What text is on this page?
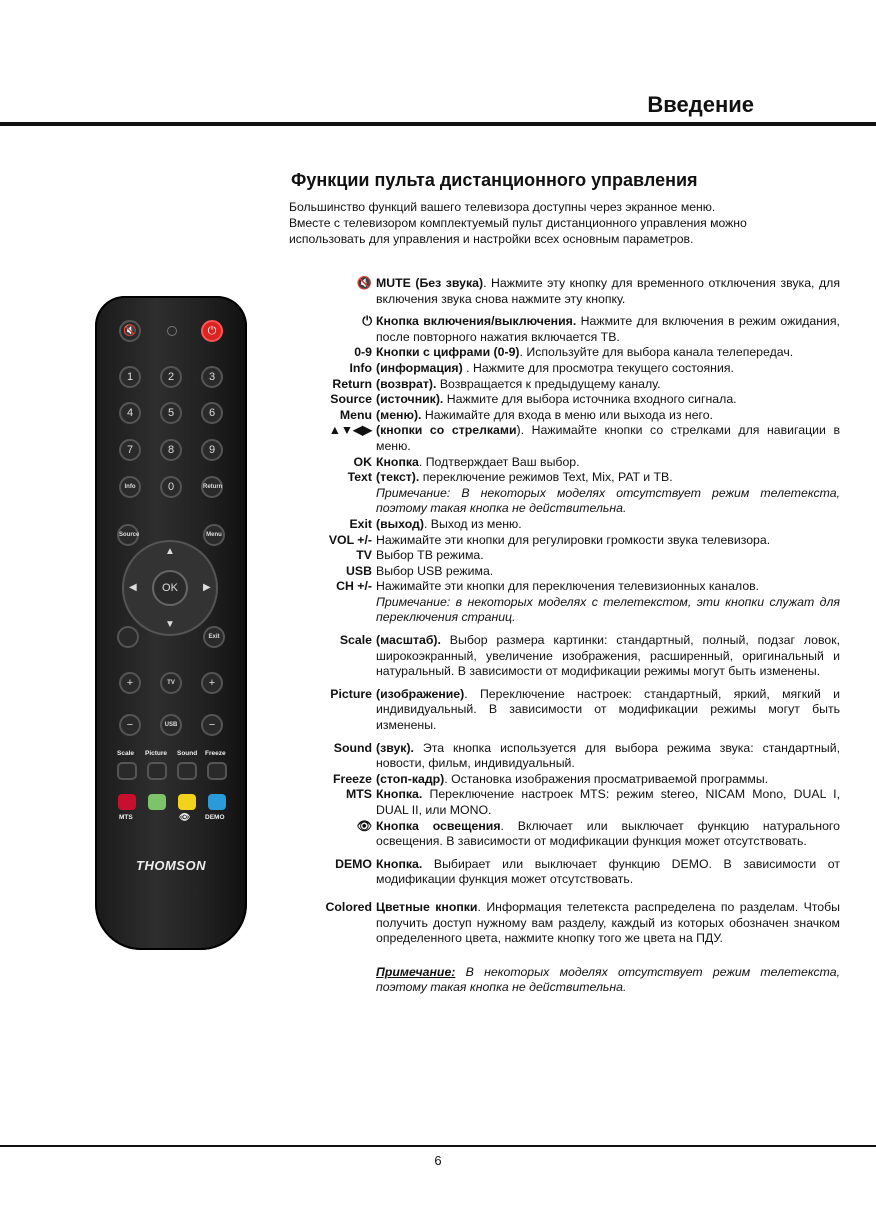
Введение
Функции пульта дистанционного управления
Большинство функций вашего телевизора доступны через экранное меню.
Вместе с телевизором комплектуемый пульт дистанционного управления можно
использовать для управления и настройки всех основным параметров.
🔇	⏻
1	2	3
4	5	6
7	8	9
Info	0	Return
Source	Menu
▲
▼
◀	▶
OK
Exit
+	TV	+
−	USB	−
Scale Picture Sound Freeze
MTS	👁 DEMO
THOMSON
🔇 MUTE (Без звука). Нажмите эту кнопку для временного отключения звука, для включения звука снова нажмите эту кнопку.
⏻ Кнопка включения/выключения. Нажмите для включения в режим ожидания, после повторного нажатия включается ТВ.
0-9 Кнопки с цифрами (0-9). Используйте для выбора канала телепередач.
Info (информация) . Нажмите для просмотра текущего состояния.
Return (возврат). Возвращается к предыдущему каналу.
Source (источник). Нажмите для выбора источника входного сигнала.
Menu (меню). Нажимайте для входа в меню или выхода из него.
▲▼◀▶ (кнопки со стрелками). Нажимайте кнопки со стрелками для навигации в меню.
OK Кнопка. Подтверждает Ваш выбор.
Text (текст). переключение режимов Text, Mix, PAT и TB.
Примечание: В некоторых моделях отсутствует режим телетекста, поэтому такая кнопка не действительна.
Exit (выход). Выход из меню.
VOL +/- Нажимайте эти кнопки для регулировки громкости звука телевизора.
TV Выбор ТВ режима.
USB Выбор USB режима.
CH +/- Нажимайте эти кнопки для переключения телевизионных каналов.
Примечание: в некоторых моделях с телетекстом, эти кнопки служат для переключения страниц.
Scale (масштаб). Выбор размера картинки: стандартный, полный, подзаг ловок, широкоэкранный, увеличение изображения, расширенный, оригинальный и натуральный. В зависимости от модификации режимы могут быть изменены.
Picture (изображение). Переключение настроек: стандартный, яркий, мягкий и индивидуальный. В зависимости от модификации режимы могут быть изменены.
Sound (звук). Эта кнопка используется для выбора режима звука: стандартный, новости, фильм, индивидуальный.
Freeze (стоп-кадр). Остановка изображения просматриваемой программы.
MTS Кнопка. Переключение настроек MTS: режим stereo, NICAM Mono, DUAL I, DUAL II, или MONO.
👁 Кнопка освещения. Включает или выключает функцию натурального освещения. В зависимости от модификации функция может отсутствовать.
DEMO Кнопка. Выбирает или выключает функцию DEMO. В зависимости от модификации функция может отсутствовать.
Colored Цветные кнопки. Информация телетекста распределена по разделам. Чтобы получить доступ нужному вам разделу, каждый из которых обозначен значком определенного цвета, нажмите кнопку того же цвета на ПДУ.
Примечание: В некоторых моделях отсутствует режим телетекста, поэтому такая кнопка не действительна.
6
